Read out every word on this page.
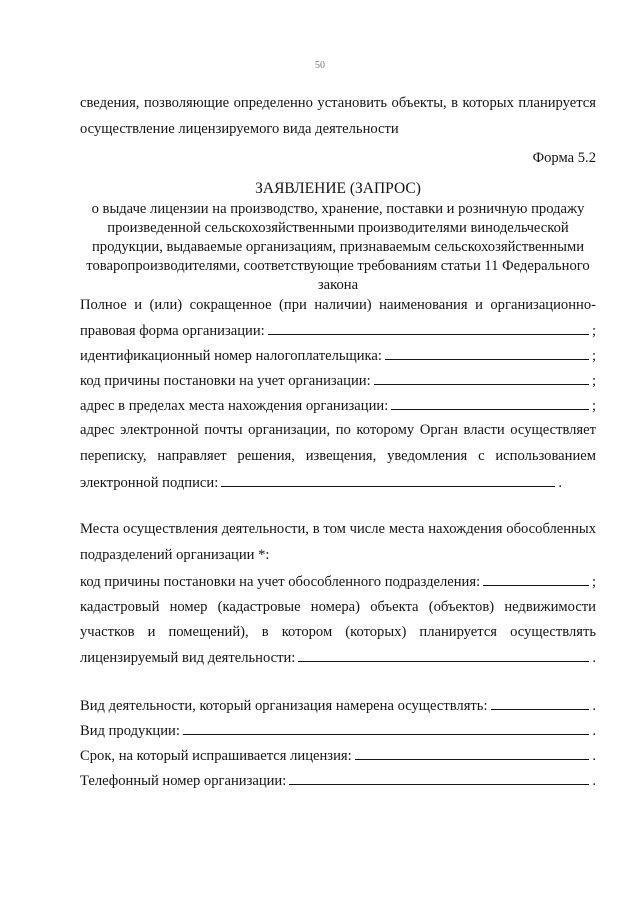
50
сведения, позволяющие определенно установить объекты, в которых планируется
осуществление лицензируемого вида деятельности
Форма 5.2
ЗАЯВЛЕНИЕ (ЗАПРОС)
о выдаче лицензии на производство, хранение, поставки и розничную продажу
произведенной сельскохозяйственными производителями винодельческой
продукции, выдаваемые организациям, признаваемым сельскохозяйственными
товаропроизводителями, соответствующие требованиям статьи 11 Федерального
закона
Полное и (или) сокращенное (при наличии) наименования и организационно-
правовая форма организации:	;
идентификационный номер налогоплательщика:	;
код причины постановки на учет организации:	;
адрес в пределах места нахождения организации:	;
адрес электронной почты организации, по которому Орган власти осуществляет
переписку, направляет решения, извещения, уведомления с использованием
электронной подписи:	.
Места осуществления деятельности, в том числе места нахождения обособленных
подразделений организации *:
код причины постановки на учет обособленного подразделения:	;
кадастровый номер (кадастровые номера) объекта (объектов) недвижимости
участков и помещений), в котором (которых) планируется осуществлять
лицензируемый вид деятельности:	.
Вид деятельности, который организация намерена осуществлять:	.
Вид продукции:	.
Срок, на который испрашивается лицензия:	.
Телефонный номер организации:	.
